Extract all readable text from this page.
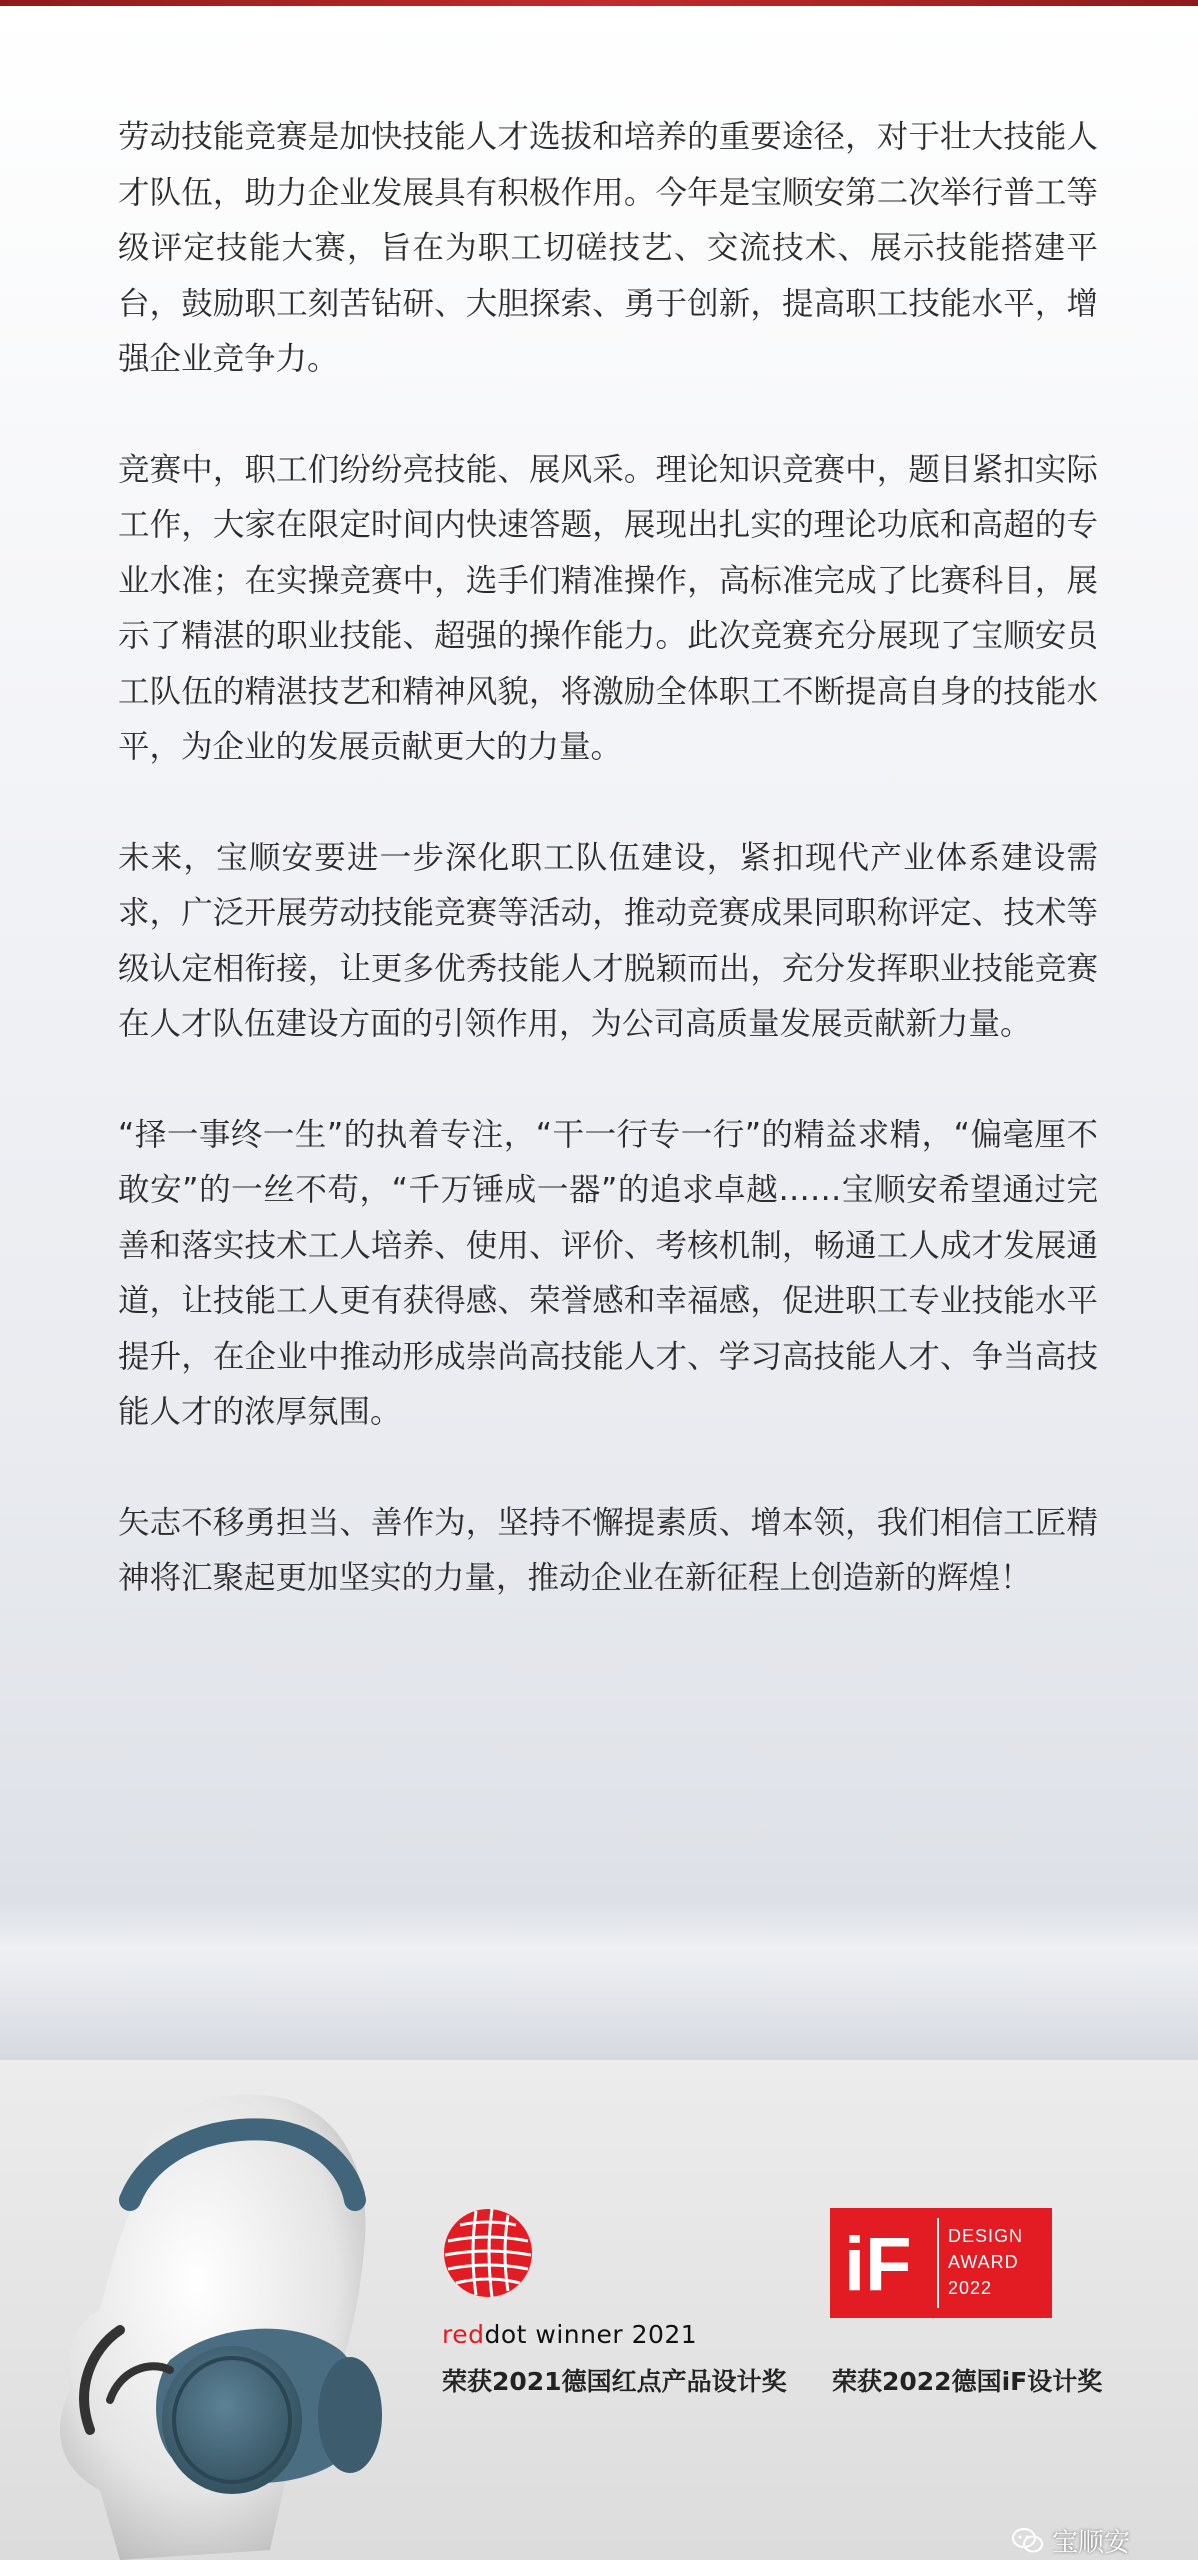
劳动技能竞赛是加快技能人才选拔和培养的重要途径，对于壮大技能人才队伍，助力企业发展具有积极作用。今年是宝顺安第二次举行普工等级评定技能大赛，旨在为职工切磋技艺、交流技术、展示技能搭建平台，鼓励职工刻苦钻研、大胆探索、勇于创新，提高职工技能水平，增强企业竞争力。

竞赛中，职工们纷纷亮技能、展风采。理论知识竞赛中，题目紧扣实际工作，大家在限定时间内快速答题，展现出扎实的理论功底和高超的专业水准；在实操竞赛中，选手们精准操作，高标准完成了比赛科目，展示了精湛的职业技能、超强的操作能力。此次竞赛充分展现了宝顺安员工队伍的精湛技艺和精神风貌，将激励全体职工不断提高自身的技能水平，为企业的发展贡献更大的力量。

未来，宝顺安要进一步深化职工队伍建设，紧扣现代产业体系建设需求，广泛开展劳动技能竞赛等活动，推动竞赛成果同职称评定、技术等级认定相衔接，让更多优秀技能人才脱颖而出，充分发挥职业技能竞赛在人才队伍建设方面的引领作用，为公司高质量发展贡献新力量。

“择一事终一生”的执着专注，“干一行专一行”的精益求精，“偏毫厘不敢安”的一丝不苟，“千万锤成一器”的追求卓越……宝顺安希望通过完善和落实技术工人培养、使用、评价、考核机制，畅通工人成才发展通道，让技能工人更有获得感、荣誉感和幸福感，促进职工专业技能水平提升，在企业中推动形成崇尚高技能人才、学习高技能人才、争当高技能人才的浓厚氛围。

矢志不移勇担当、善作为，坚持不懈提素质、增本领，我们相信工匠精神将汇聚起更加坚实的力量，推动企业在新征程上创造新的辉煌！

reddot winner 2021
荣获2021德国红点产品设计奖
iF DESIGN
AWARD
2022
荣获2022德国iF设计奖
宝顺安
